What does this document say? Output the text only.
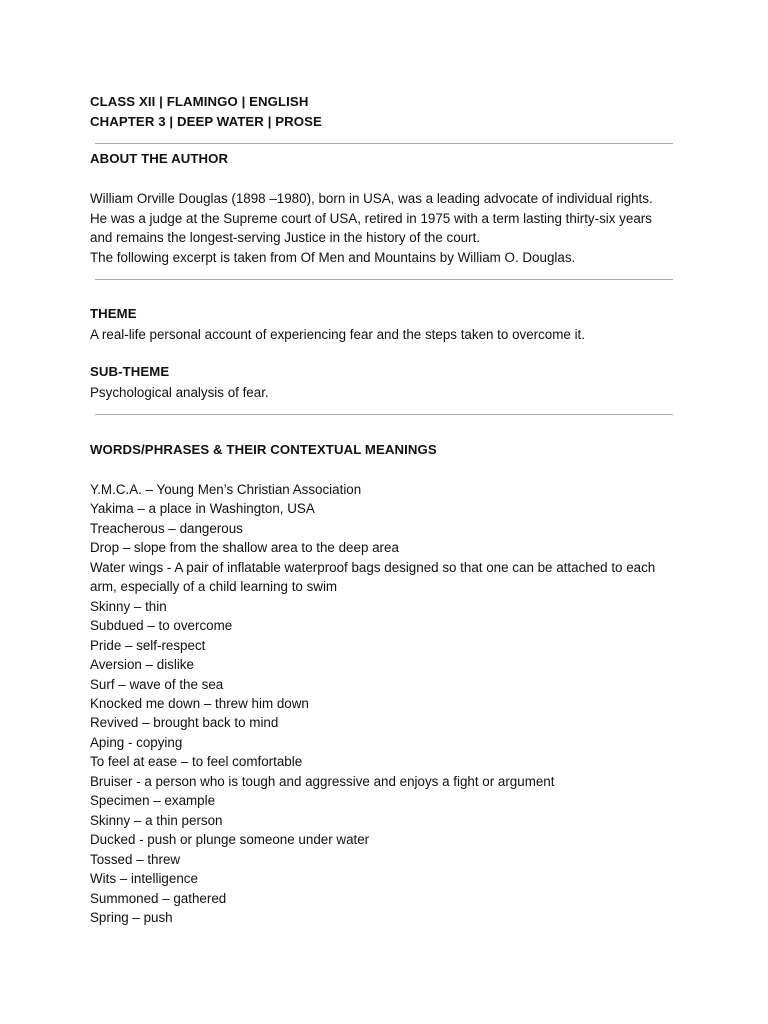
CLASS XII | FLAMINGO | ENGLISH
CHAPTER 3 | DEEP WATER | PROSE
ABOUT THE AUTHOR
William Orville Douglas (1898 –1980), born in USA, was a leading advocate of individual rights.
He was a judge at the Supreme court of USA, retired in 1975 with a term lasting thirty-six years
and remains the longest-serving Justice in the history of the court.
The following excerpt is taken from Of Men and Mountains by William O. Douglas.
THEME
A real-life personal account of experiencing fear and the steps taken to overcome it.
SUB-THEME
Psychological analysis of fear.
WORDS/PHRASES & THEIR CONTEXTUAL MEANINGS
Y.M.C.A. – Young Men’s Christian Association
Yakima – a place in Washington, USA
Treacherous – dangerous
Drop – slope from the shallow area to the deep area
Water wings - A pair of inflatable waterproof bags designed so that one can be attached to each
arm, especially of a child learning to swim
Skinny – thin
Subdued – to overcome
Pride – self-respect
Aversion – dislike
Surf – wave of the sea
Knocked me down – threw him down
Revived – brought back to mind
Aping - copying
To feel at ease – to feel comfortable
Bruiser - a person who is tough and aggressive and enjoys a fight or argument
Specimen – example
Skinny – a thin person
Ducked - push or plunge someone under water
Tossed – threw
Wits – intelligence
Summoned – gathered
Spring – push
